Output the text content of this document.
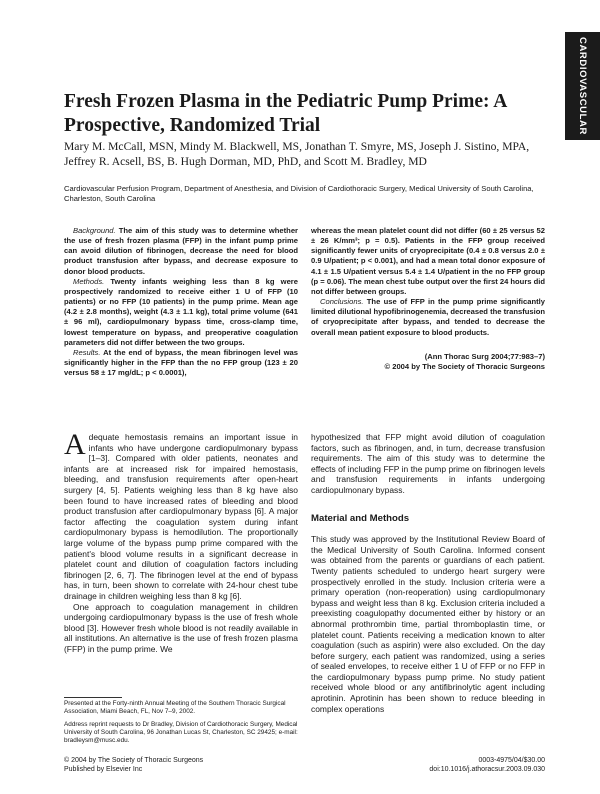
CARDIOVASCULAR
Fresh Frozen Plasma in the Pediatric Pump Prime: A Prospective, Randomized Trial

Mary M. McCall, MSN, Mindy M. Blackwell, MS, Jonathan T. Smyre, MS, Joseph J. Sistino, MPA, Jeffrey R. Acsell, BS, B. Hugh Dorman, MD, PhD, and Scott M. Bradley, MD

Cardiovascular Perfusion Program, Department of Anesthesia, and Division of Cardiothoracic Surgery, Medical University of South Carolina, Charleston, South Carolina

Background. The aim of this study was to determine whether the use of fresh frozen plasma (FFP) in the infant pump prime can avoid dilution of fibrinogen, decrease the need for blood product transfusion after bypass, and decrease exposure to donor blood products.

Methods. Twenty infants weighing less than 8 kg were prospectively randomized to receive either 1 U of FFP (10 patients) or no FFP (10 patients) in the pump prime. Mean age (4.2 ± 2.8 months), weight (4.3 ± 1.1 kg), total prime volume (641 ± 96 ml), cardiopulmonary bypass time, cross-clamp time, lowest temperature on bypass, and preoperative coagulation parameters did not differ between the two groups.

Results. At the end of bypass, the mean fibrinogen level was significantly higher in the FFP than the no FFP group (123 ± 20 versus 58 ± 17 mg/dL; p < 0.0001),

whereas the mean platelet count did not differ (60 ± 25 versus 52 ± 26 K/mm³; p = 0.5). Patients in the FFP group received significantly fewer units of cryoprecipitate (0.4 ± 0.8 versus 2.0 ± 0.9 U/patient; p < 0.001), and had a mean total donor exposure of 4.1 ± 1.5 U/patient versus 5.4 ± 1.4 U/patient in the no FFP group (p = 0.06). The mean chest tube output over the first 24 hours did not differ between groups.

Conclusions. The use of FFP in the pump prime significantly limited dilutional hypofibrinogenemia, decreased the transfusion of cryoprecipitate after bypass, and tended to decrease the overall mean patient exposure to blood products.

(Ann Thorac Surg 2004;77:983–7)

© 2004 by The Society of Thoracic Surgeons

Adequate hemostasis remains an important issue in infants who have undergone cardiopulmonary bypass [1–3]. Compared with older patients, neonates and infants are at increased risk for impaired hemostasis, bleeding, and transfusion requirements after open-heart surgery [4, 5]. Patients weighing less than 8 kg have also been found to have increased rates of bleeding and blood product transfusion after cardiopulmonary bypass [6]. A major factor affecting the coagulation system during infant cardiopulmonary bypass is hemodilution. The proportionally large volume of the bypass pump prime compared with the patient's blood volume results in a significant decrease in platelet count and dilution of coagulation factors including fibrinogen [2, 6, 7]. The fibrinogen level at the end of bypass has, in turn, been shown to correlate with 24-hour chest tube drainage in children weighing less than 8 kg [6].

One approach to coagulation management in children undergoing cardiopulmonary bypass is the use of fresh whole blood [3]. However fresh whole blood is not readily available in all institutions. An alternative is the use of fresh frozen plasma (FFP) in the pump prime. We

hypothesized that FFP might avoid dilution of coagulation factors, such as fibrinogen, and, in turn, decrease transfusion requirements. The aim of this study was to determine the effects of including FFP in the pump prime on fibrinogen levels and transfusion requirements in infants undergoing cardiopulmonary bypass.

Material and Methods

This study was approved by the Institutional Review Board of the Medical University of South Carolina. Informed consent was obtained from the parents or guardians of each patient. Twenty patients scheduled to undergo heart surgery were prospectively enrolled in the study. Inclusion criteria were a primary operation (non-reoperation) using cardiopulmonary bypass and weight less than 8 kg. Exclusion criteria included a preexisting coagulopathy documented either by history or an abnormal prothrombin time, partial thromboplastin time, or platelet count. Patients receiving a medication known to alter coagulation (such as aspirin) were also excluded. On the day before surgery, each patient was randomized, using a series of sealed envelopes, to receive either 1 U of FFP or no FFP in the cardiopulmonary bypass pump prime. No study patient received whole blood or any antifibrinolytic agent including aprotinin. Aprotinin has been shown to reduce bleeding in complex operations

Presented at the Forty-ninth Annual Meeting of the Southern Thoracic Surgical Association, Miami Beach, FL, Nov 7–9, 2002.

Address reprint requests to Dr Bradley, Division of Cardiothoracic Surgery, Medical University of South Carolina, 96 Jonathan Lucas St, Charleston, SC 29425; e-mail: bradleysm@musc.edu.

© 2004 by The Society of Thoracic Surgeons
Published by Elsevier Inc
0003-4975/04/$30.00
doi:10.1016/j.athoracsur.2003.09.030
